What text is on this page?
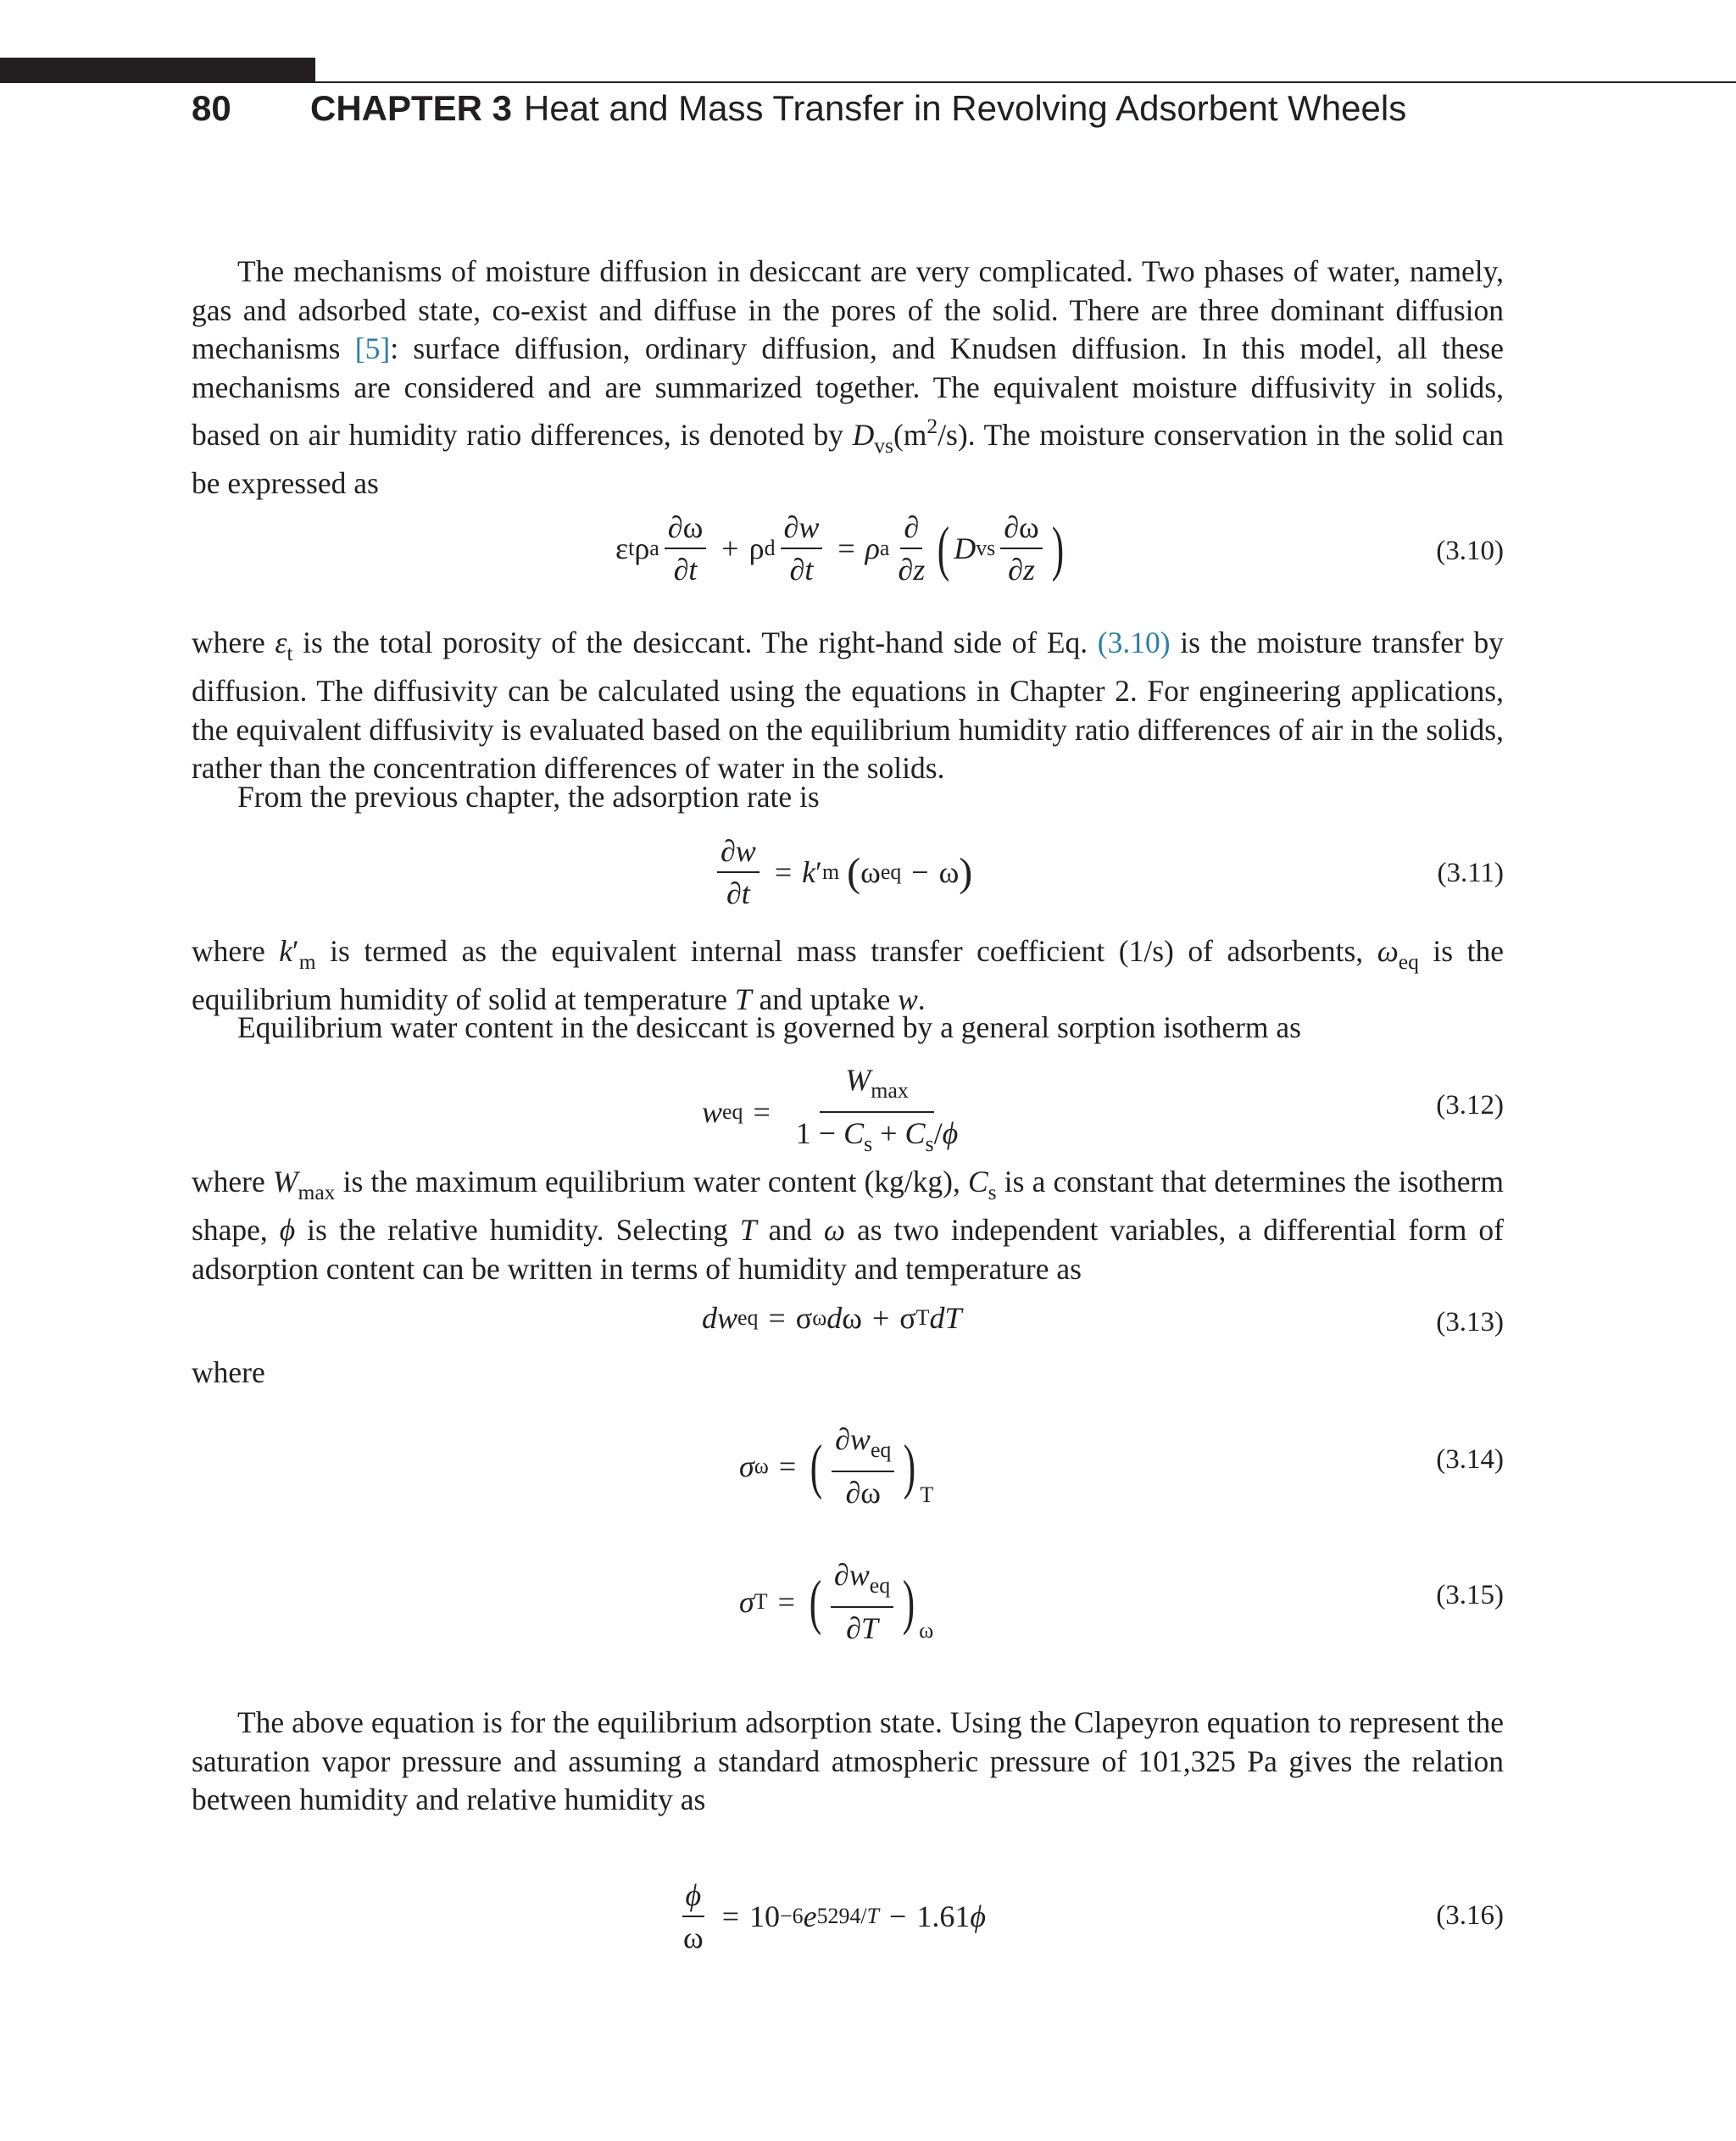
80	CHAPTER 3 Heat and Mass Transfer in Revolving Adsorbent Wheels

The mechanisms of moisture diffusion in desiccant are very complicated. Two phases of water, namely, gas and adsorbed state, co-exist and diffuse in the pores of the solid. There are three dominant diffusion mechanisms [5]: surface diffusion, ordinary diffusion, and Knudsen diffusion. In this model, all these mechanisms are considered and are summarized together. The equivalent moisture diffusivity in solids, based on air humidity ratio differences, is denoted by $D_{vs}(m^2/s)$. The moisture conservation in the solid can be expressed as

ε t ρ a $\frac{\partial\omega}{\partial t} + \rho$ d $\frac{\partial w}{\partial t} = \rho$ a $\frac{\partial}{\partial z}$ ( D vs $\frac{\partial\omega}{\partial z}$ )	(3.10)

where $\varepsilon_t$ is the total porosity of the desiccant. The right-hand side of Eq. (3.10) is the moisture transfer by diffusion. The diffusivity can be calculated using the equations in Chapter 2. For engineering applications, the equivalent diffusivity is evaluated based on the equilibrium humidity ratio differences of air in the solids, rather than the concentration differences of water in the solids.

From the previous chapter, the adsorption rate is

$\frac{\partial w}{\partial t} = k$ ′ m
( ω eq − ω )	(3.11)

where $k'_m$ is termed as the equivalent internal mass transfer coefficient (1/s) of adsorbents, $\omega_{eq}$ is the equilibrium humidity of solid at temperature T and uptake w.

Equilibrium water content in the desiccant is governed by a general sorption isotherm as

w eq = $\frac{W_{max}}{1 - C_s + C_s/\phi}$	(3.12)

where $W_{max}$ is the maximum equilibrium water content (kg/kg), $C_s$ is a constant that determines the isotherm shape, ϕ is the relative humidity. Selecting T and ω as two independent variables, a differential form of adsorption content can be written in terms of humidity and temperature as

dw eq = σ ω d ω + σ T dT	(3.13)
where
σ ω = ( $\frac{\partial w_{eq}}{\partial\omega}$ ) T
(3.14)
σ T = ( $\frac{\partial w_{eq}}{\partial T}$ ) ω
(3.15)

The above equation is for the equilibrium adsorption state. Using the Clapeyron equation to represent the saturation vapor pressure and assuming a standard atmospheric pressure of 101,325 Pa gives the relation between humidity and relative humidity as

$\frac{\phi}{\omega} = 10 -6$ e 5294/T − 1.61 ϕ	(3.16)
